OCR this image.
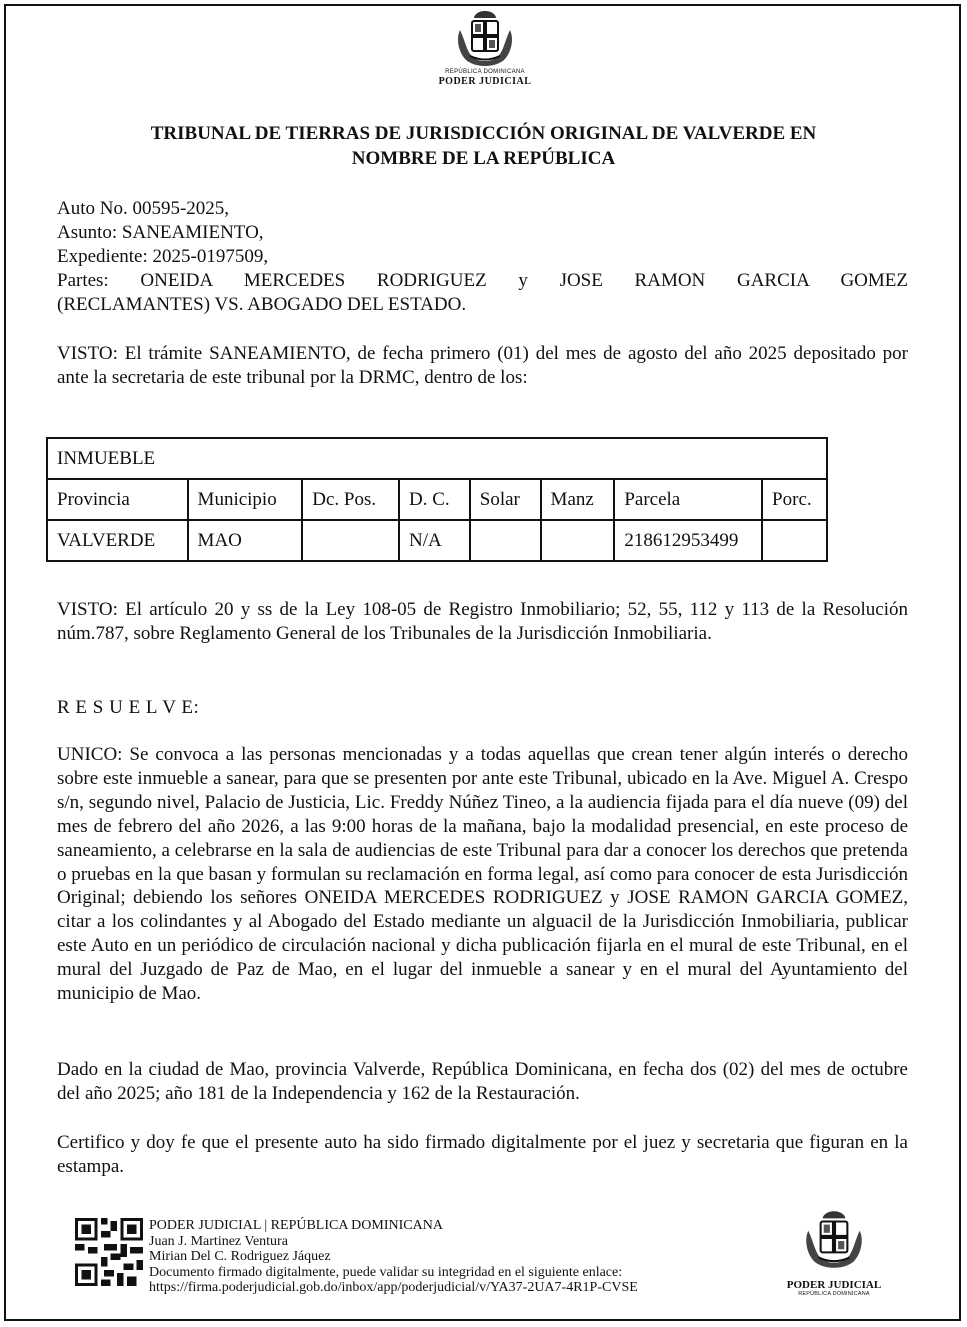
REPÚBLICA DOMINICANA
PODER JUDICIAL
TRIBUNAL DE TIERRAS DE JURISDICCIÓN ORIGINAL DE VALVERDE EN
NOMBRE DE LA REPÚBLICA
Auto No. 00595-2025,
Asunto: SANEAMIENTO,
Expediente: 2025-0197509,
Partes: ONEIDA MERCEDES RODRIGUEZ y JOSE RAMON GARCIA GOMEZ
(RECLAMANTES) VS. ABOGADO DEL ESTADO.
VISTO: El trámite SANEAMIENTO, de fecha primero (01) del mes de agosto del año 2025 depositado por ante la secretaria de este tribunal por la DRMC, dentro de los:
INMUEBLE							
Provincia	Municipio	Dc. Pos.	D. C.	Solar	Manz	Parcela	Porc.
VALVERDE	MAO		N/A			218612953499	
VISTO: El artículo 20 y ss de la Ley 108-05 de Registro Inmobiliario; 52, 55, 112 y 113 de la Resolución núm.787, sobre Reglamento General de los Tribunales de la Jurisdicción Inmobiliaria.
R E S U E L V E:
UNICO: Se convoca a las personas mencionadas y a todas aquellas que crean tener algún interés o derecho sobre este inmueble a sanear, para que se presenten por ante este Tribunal, ubicado en la Ave. Miguel A. Crespo s/n, segundo nivel, Palacio de Justicia, Lic. Freddy Núñez Tineo, a la audiencia fijada para el día nueve (09) del mes de febrero del año 2026, a las 9:00 horas de la mañana, bajo la modalidad presencial, en este proceso de saneamiento, a celebrarse en la sala de audiencias de este Tribunal para dar a conocer los derechos que pretenda o pruebas en la que basan y formulan su reclamación en forma legal, así como para conocer de esta Jurisdicción Original; debiendo los señores ONEIDA MERCEDES RODRIGUEZ y JOSE RAMON GARCIA GOMEZ, citar a los colindantes y al Abogado del Estado mediante un alguacil de la Jurisdicción Inmobiliaria, publicar este Auto en un periódico de circulación nacional y dicha publicación fijarla en el mural de este Tribunal, en el mural del Juzgado de Paz de Mao, en el lugar del inmueble a sanear y en el mural del Ayuntamiento del municipio de Mao.
Dado en la ciudad de Mao, provincia Valverde, República Dominicana, en fecha dos (02) del mes de octubre del año 2025; año 181 de la Independencia y 162 de la Restauración.
Certifico y doy fe que el presente auto ha sido firmado digitalmente por el juez y secretaria que figuran en la estampa.
PODER JUDICIAL | REPÚBLICA DOMINICANA
Juan J. Martinez Ventura
Mirian Del C. Rodriguez Jáquez
Documento firmado digitalmente, puede validar su integridad en el siguiente enlace:
https://firma.poderjudicial.gob.do/inbox/app/poderjudicial/v/YA37-2UA7-4R1P-CVSE	PODER JUDICIAL
REPÚBLICA DOMINICANA
